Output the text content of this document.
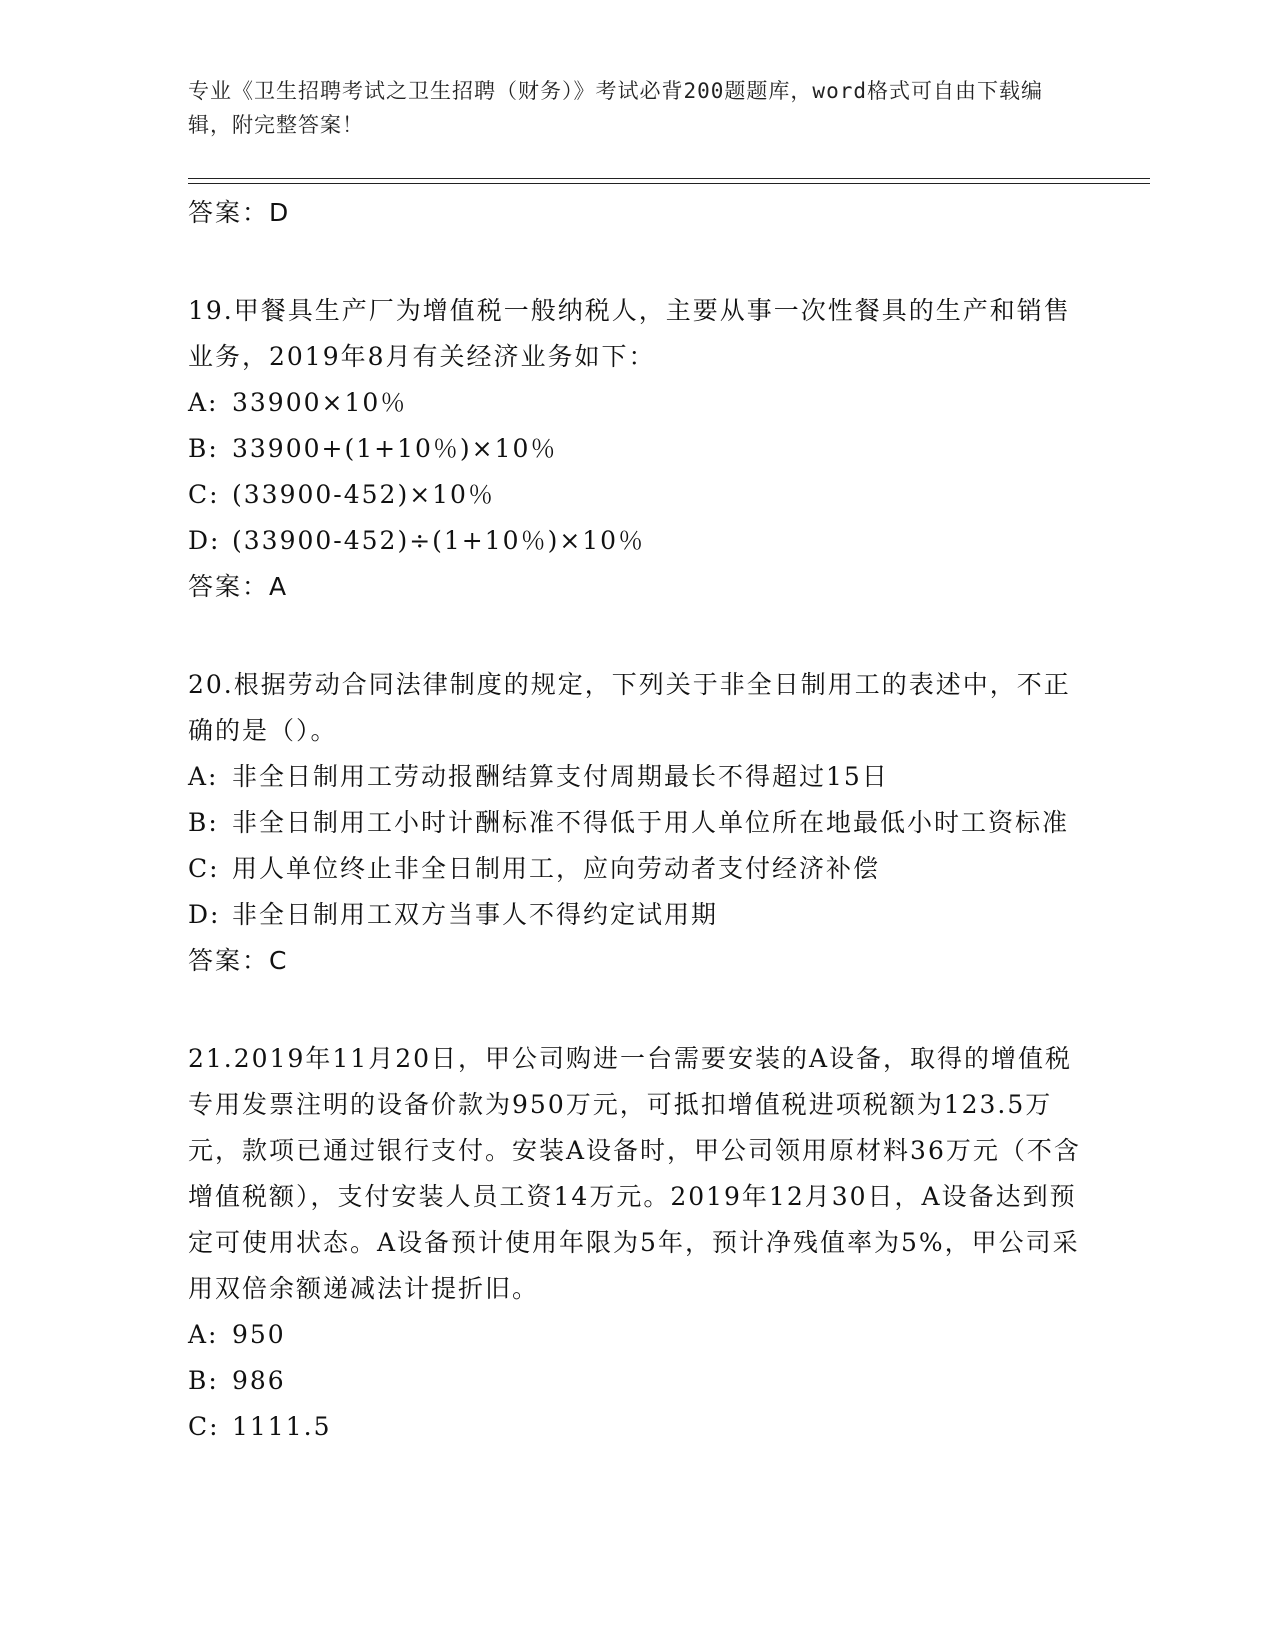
专业《卫生招聘考试之卫生招聘（财务）》考试必背200题题库，word格式可自由下载编辑，附完整答案！

答案：D

19.甲餐具生产厂为增值税一般纳税人，主要从事一次性餐具的生产和销售业务，2019年8月有关经济业务如下：

A: 33900×10％

B: 33900+(1+10％)×10％

C: (33900-452)×10％

D: (33900-452)÷(1+10％)×10％

答案：A

20.根据劳动合同法律制度的规定，下列关于非全日制用工的表述中，不正确的是（）。

A: 非全日制用工劳动报酬结算支付周期最长不得超过15日

B: 非全日制用工小时计酬标准不得低于用人单位所在地最低小时工资标准

C: 用人单位终止非全日制用工，应向劳动者支付经济补偿

D: 非全日制用工双方当事人不得约定试用期

答案：C

21.2019年11月20日，甲公司购进一台需要安装的A设备，取得的增值税专用发票注明的设备价款为950万元，可抵扣增值税进项税额为123.5万元，款项已通过银行支付。安装A设备时，甲公司领用原材料36万元（不含增值税额），支付安装人员工资14万元。2019年12月30日，A设备达到预定可使用状态。A设备预计使用年限为5年，预计净残值率为5%，甲公司采用双倍余额递减法计提折旧。

A: 950

B: 986

C: 1111.5
